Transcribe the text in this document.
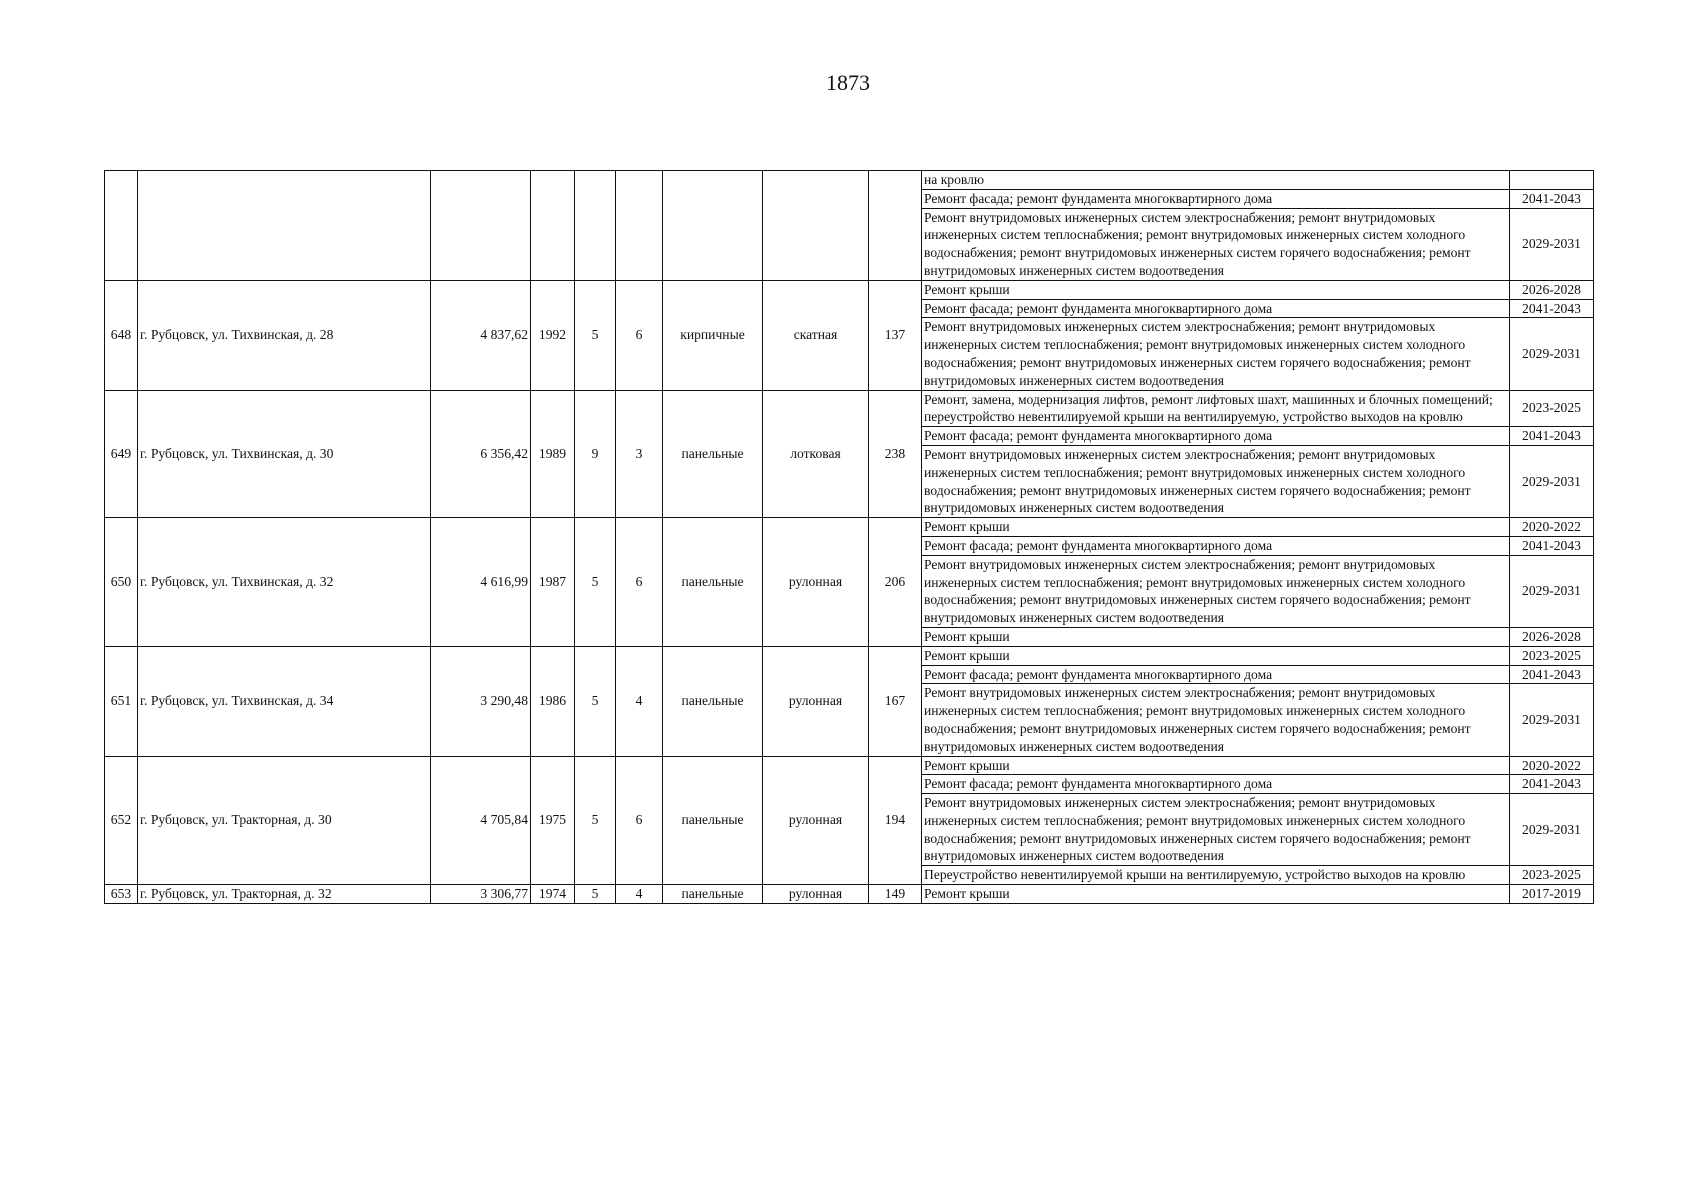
1873
									на кровлю	
									Ремонт фасада; ремонт фундамента многоквартирного дома	2041-2043
									Ремонт внутридомовых инженерных систем электроснабжения; ремонт внутридомовых инженерных систем теплоснабжения; ремонт внутридомовых инженерных систем холодного водоснабжения; ремонт внутридомовых инженерных систем горячего водоснабжения; ремонт внутридомовых инженерных систем водоотведения	2029-2031
648	г. Рубцовск, ул. Тихвинская, д. 28	4 837,62	1992	5	6	кирпичные	скатная	137	Ремонт крыши	2026-2028
									Ремонт фасада; ремонт фундамента многоквартирного дома	2041-2043
									Ремонт внутридомовых инженерных систем электроснабжения; ремонт внутридомовых инженерных систем теплоснабжения; ремонт внутридомовых инженерных систем холодного водоснабжения; ремонт внутридомовых инженерных систем горячего водоснабжения; ремонт внутридомовых инженерных систем водоотведения	2029-2031
649	г. Рубцовск, ул. Тихвинская, д. 30	6 356,42	1989	9	3	панельные	лотковая	238	Ремонт, замена, модернизация лифтов, ремонт лифтовых шахт, машинных и блочных помещений; переустройство невентилируемой крыши на вентилируемую, устройство выходов на кровлю	2023-2025
									Ремонт фасада; ремонт фундамента многоквартирного дома	2041-2043
									Ремонт внутридомовых инженерных систем электроснабжения; ремонт внутридомовых инженерных систем теплоснабжения; ремонт внутридомовых инженерных систем холодного водоснабжения; ремонт внутридомовых инженерных систем горячего водоснабжения; ремонт внутридомовых инженерных систем водоотведения	2029-2031
650	г. Рубцовск, ул. Тихвинская, д. 32	4 616,99	1987	5	6	панельные	рулонная	206	Ремонт крыши	2020-2022
									Ремонт фасада; ремонт фундамента многоквартирного дома	2041-2043
									Ремонт внутридомовых инженерных систем электроснабжения; ремонт внутридомовых инженерных систем теплоснабжения; ремонт внутридомовых инженерных систем холодного водоснабжения; ремонт внутридомовых инженерных систем горячего водоснабжения; ремонт внутридомовых инженерных систем водоотведения	2029-2031
									Ремонт крыши	2026-2028
651	г. Рубцовск, ул. Тихвинская, д. 34	3 290,48	1986	5	4	панельные	рулонная	167	Ремонт крыши	2023-2025
									Ремонт фасада; ремонт фундамента многоквартирного дома	2041-2043
									Ремонт внутридомовых инженерных систем электроснабжения; ремонт внутридомовых инженерных систем теплоснабжения; ремонт внутридомовых инженерных систем холодного водоснабжения; ремонт внутридомовых инженерных систем горячего водоснабжения; ремонт внутридомовых инженерных систем водоотведения	2029-2031
652	г. Рубцовск, ул. Тракторная, д. 30	4 705,84	1975	5	6	панельные	рулонная	194	Ремонт крыши	2020-2022
									Ремонт фасада; ремонт фундамента многоквартирного дома	2041-2043
									Ремонт внутридомовых инженерных систем электроснабжения; ремонт внутридомовых инженерных систем теплоснабжения; ремонт внутридомовых инженерных систем холодного водоснабжения; ремонт внутридомовых инженерных систем горячего водоснабжения; ремонт внутридомовых инженерных систем водоотведения	2029-2031
									Переустройство невентилируемой крыши на вентилируемую, устройство выходов на кровлю	2023-2025
653	г. Рубцовск, ул. Тракторная, д. 32	3 306,77	1974	5	4	панельные	рулонная	149	Ремонт крыши	2017-2019
